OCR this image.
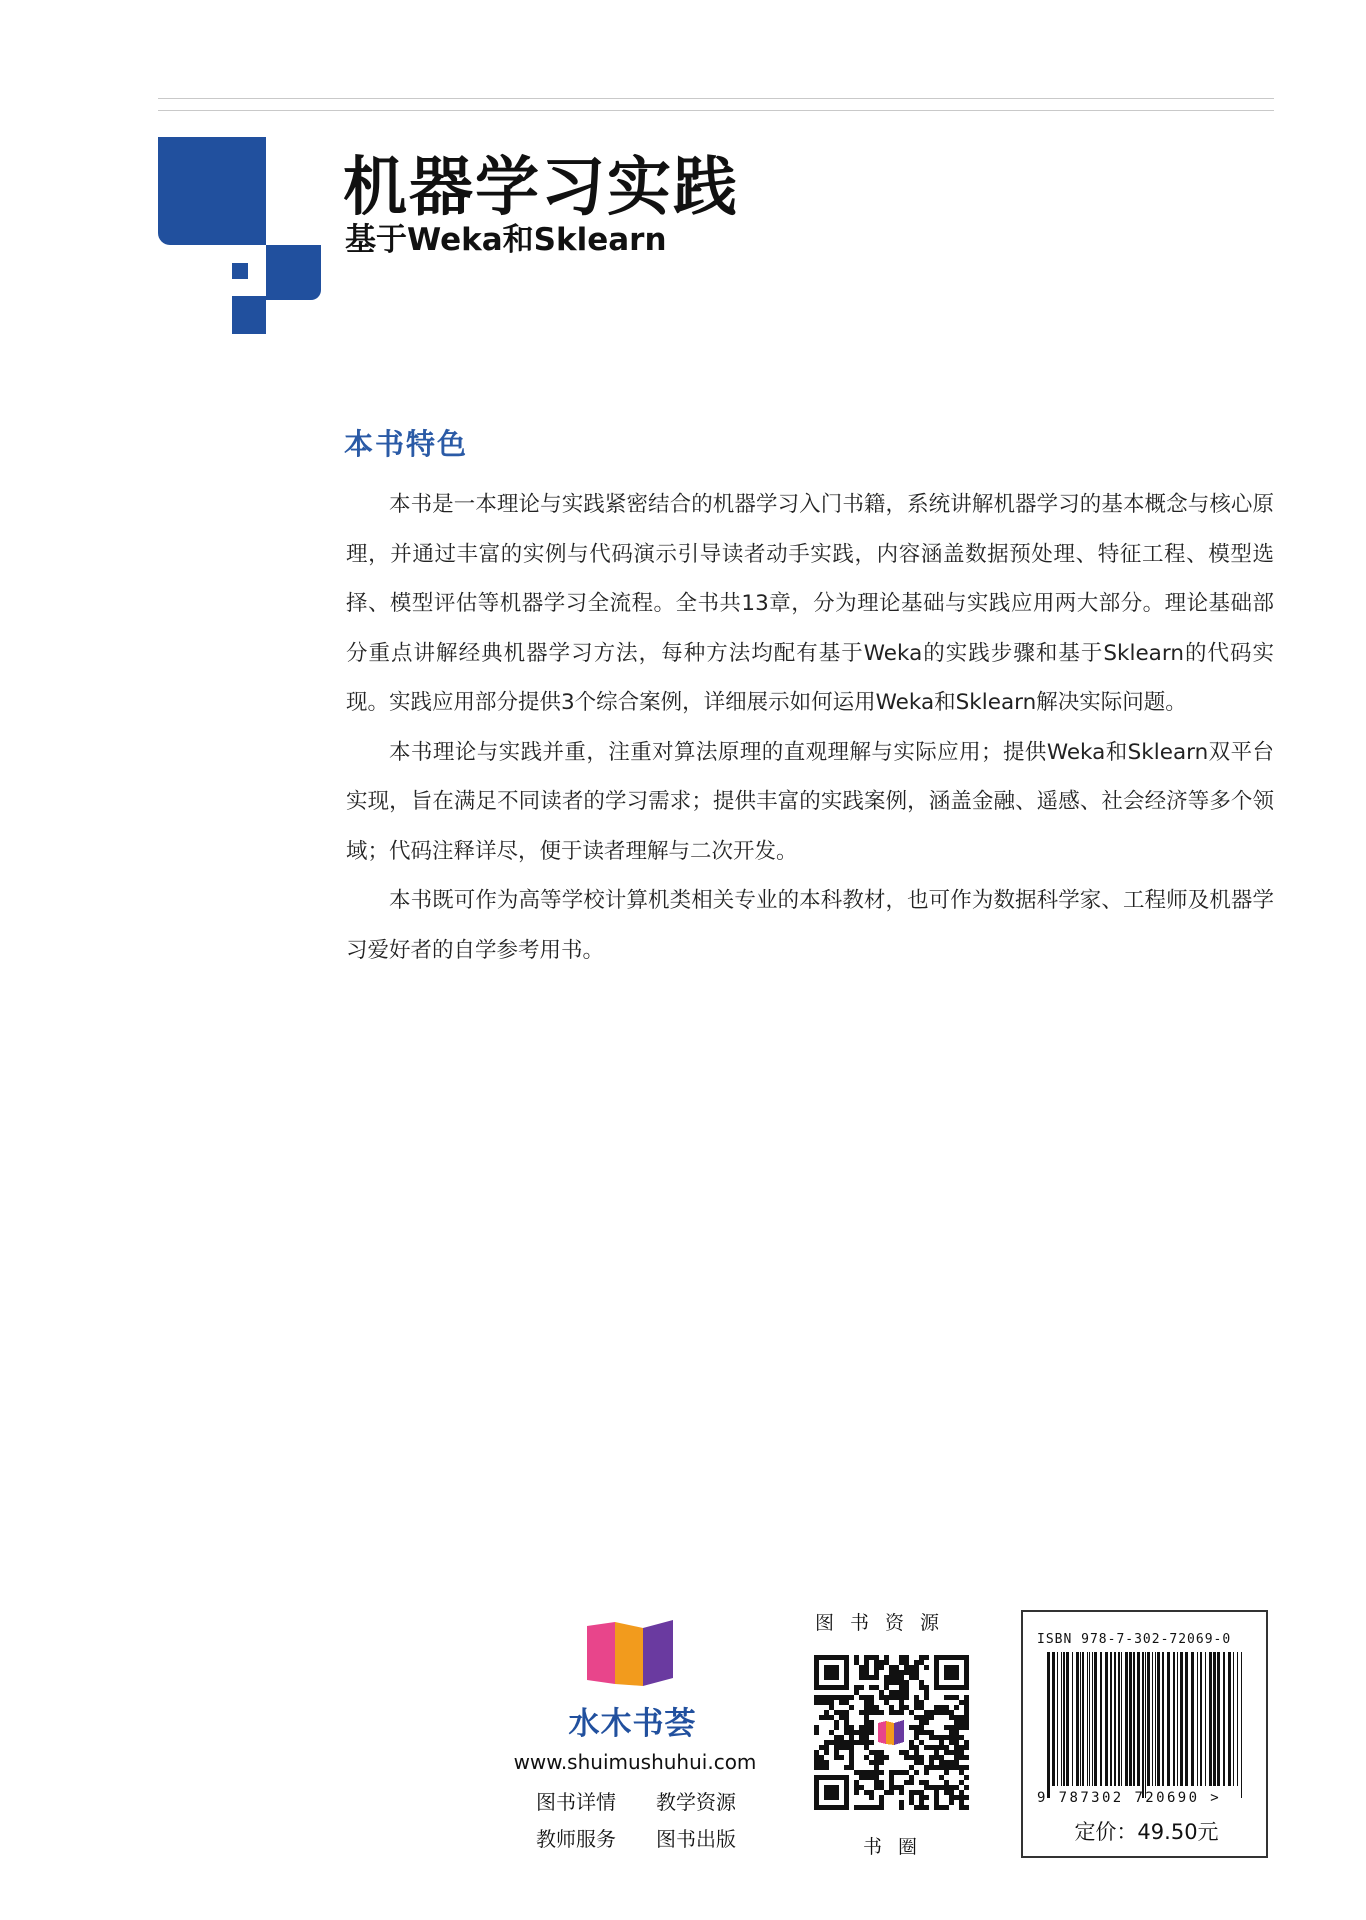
机器学习实践
基于Weka和Sklearn
本书特色

本书是一本理论与实践紧密结合的机器学习入门书籍，系统讲解机器学习的基本概念与核心原理，并通过丰富的实例与代码演示引导读者动手实践，内容涵盖数据预处理、特征工程、模型选择、模型评估等机器学习全流程。全书共13章，分为理论基础与实践应用两大部分。理论基础部分重点讲解经典机器学习方法，每种方法均配有基于Weka的实践步骤和基于Sklearn的代码实现。实践应用部分提供3个综合案例，详细展示如何运用Weka和Sklearn解决实际问题。

本书理论与实践并重，注重对算法原理的直观理解与实际应用；提供Weka和Sklearn双平台实现，旨在满足不同读者的学习需求；提供丰富的实践案例，涵盖金融、遥感、社会经济等多个领域；代码注释详尽，便于读者理解与二次开发。

本书既可作为高等学校计算机类相关专业的本科教材，也可作为数据科学家、工程师及机器学习爱好者的自学参考用书。

水木书荟
www.shuimushuhui.com
图书详情 教学资源
教师服务 图书出版
图书资源
书圈
ISBN 978-7-302-72069-0
9 787302 720690 >
定价：49.50元
